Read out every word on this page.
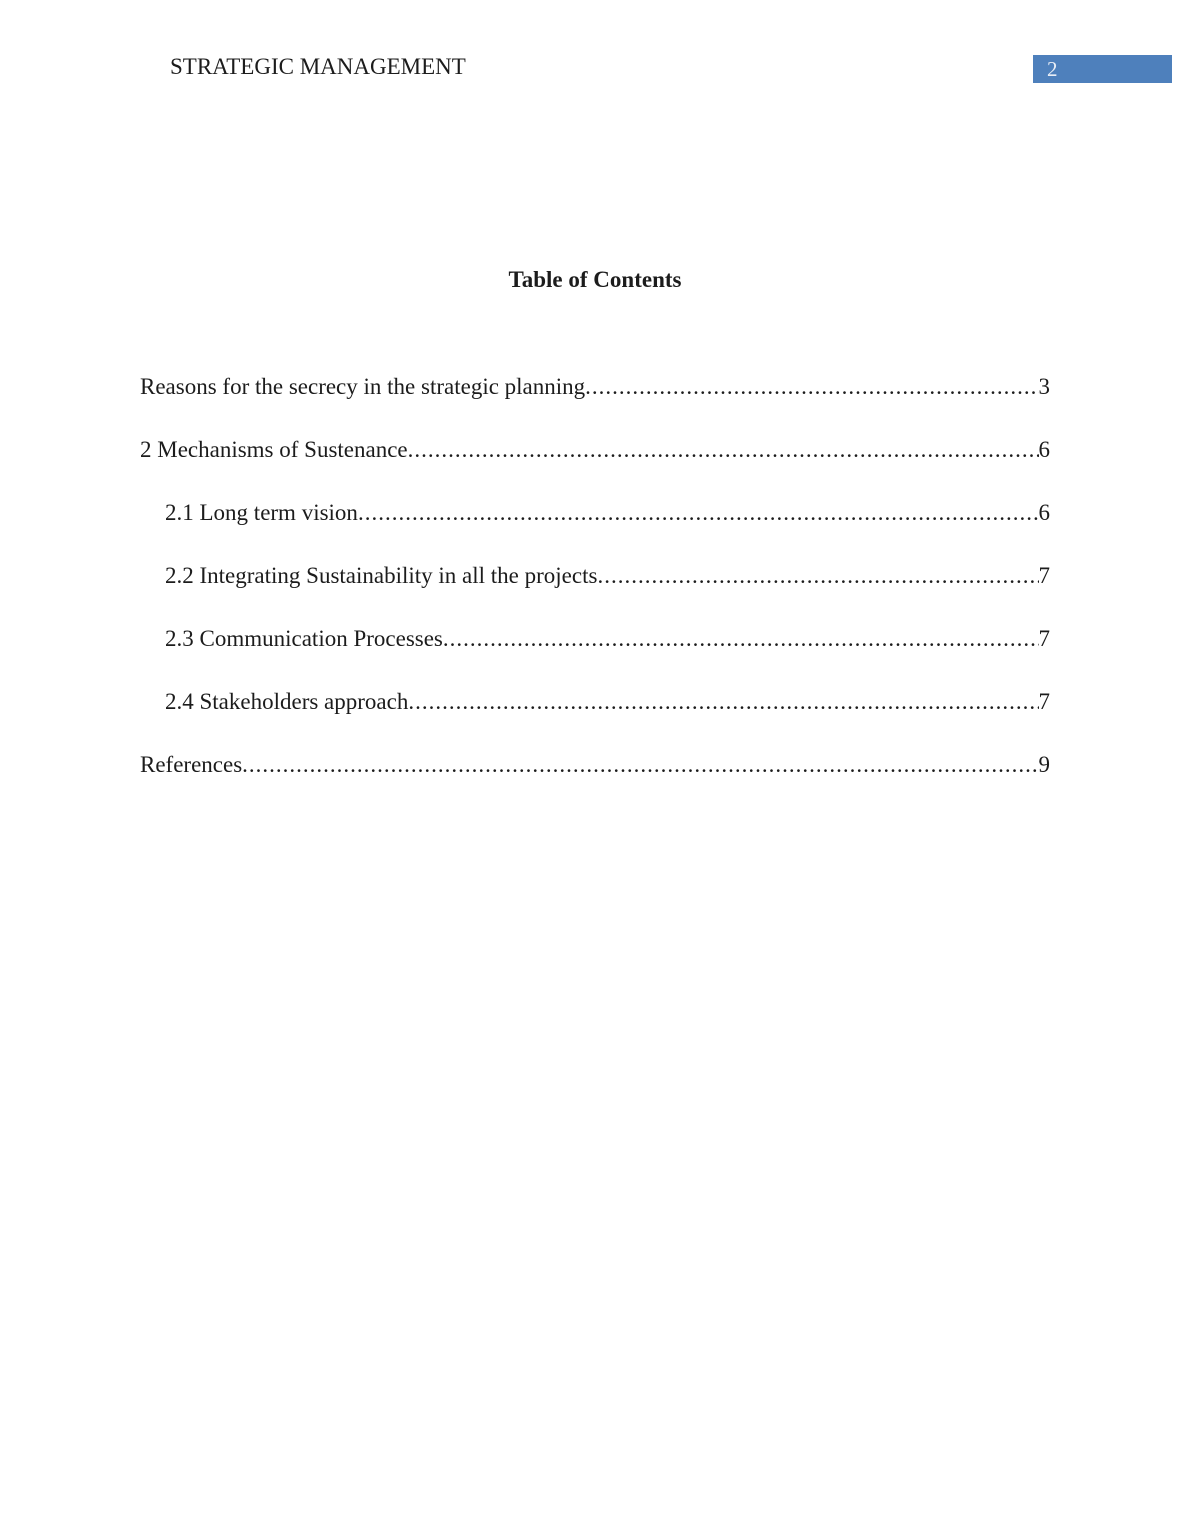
STRATEGIC MANAGEMENT	2
Table of Contents
Reasons for the secrecy in the strategic planning .....	3
2 Mechanisms of Sustenance .....	6
2.1 Long term vision .....	6
2.2 Integrating Sustainability in all the projects .....	7
2.3 Communication Processes .....	7
2.4 Stakeholders approach .....	7
References .....	9
